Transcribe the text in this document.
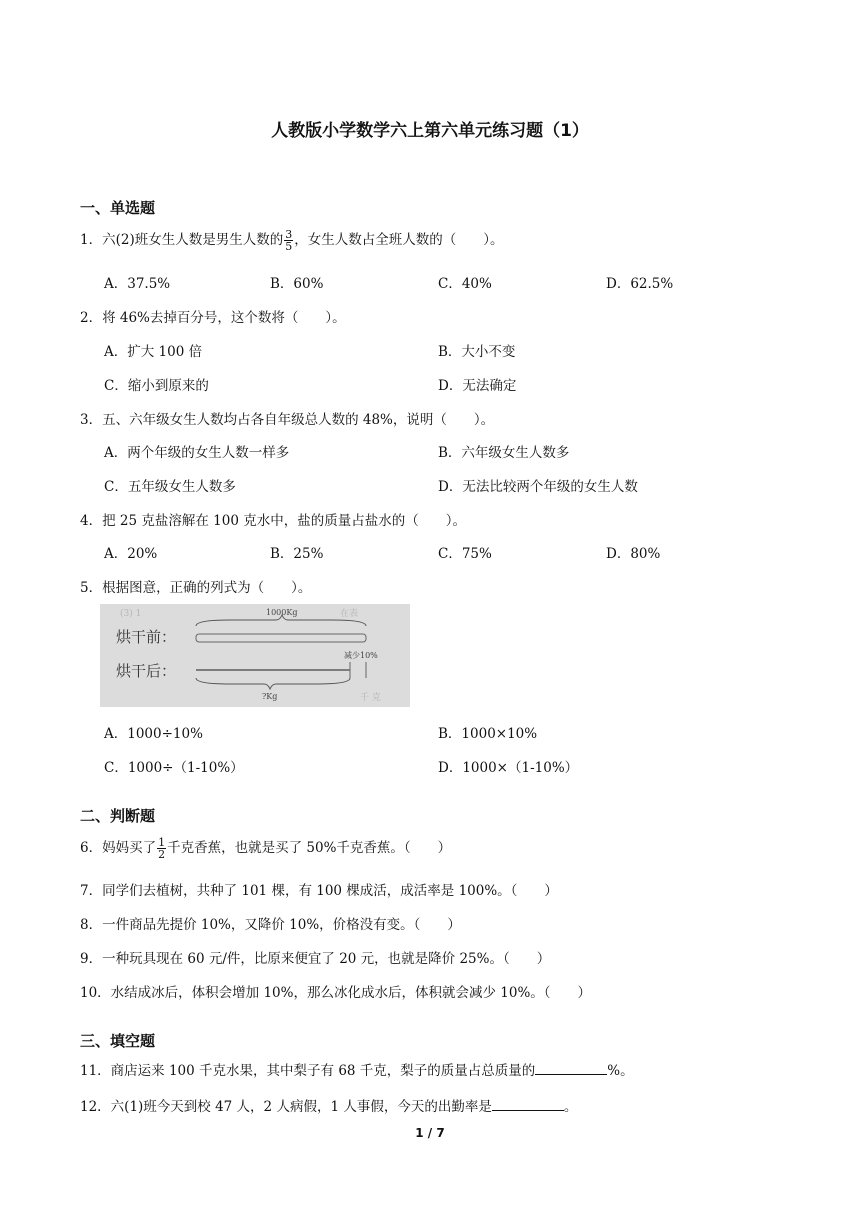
人教版小学数学六上第六单元练习题（1）
一、单选题
1．六(2)班女生人数是男生人数的 $\frac{3}{5}$ ，女生人数占全班人数的（　　）。
A．37.5%	B．60%	C．40%	D．62.5%
2．将 46%去掉百分号，这个数将（　　）。
A．扩大 100 倍	B．大小不变
C．缩小到原来的	D．无法确定
3．五、六年级女生人数均占各自年级总人数的 48%，说明（　　）。
A．两个年级的女生人数一样多	B．六年级女生人数多
C．五年级女生人数多	D．无法比较两个年级的女生人数
4．把 25 克盐溶解在 100 克水中，盐的质量占盐水的（　　）。
A．20%	B．25%	C．75%	D．80%
5．根据图意，正确的列式为（　　）。
(3) 1	在表
千 克
烘干前：
烘干后：
1000Kg
减少10%
?Kg
A．1000÷10%	B．1000×10%
C．1000÷（1-10%）	D．1000×（1-10%）
二、判断题
6．妈妈买了 $\frac{1}{2}$ 千克香蕉，也就是买了 50%千克香蕉。（　　）
7．同学们去植树，共种了 101 棵，有 100 棵成活，成活率是 100%。（　　）
8．一件商品先提价 10%，又降价 10%，价格没有变。（　　）
9．一种玩具现在 60 元/件，比原来便宜了 20 元，也就是降价 25%。（　　）
10．水结成冰后，体积会增加 10%，那么冰化成水后，体积就会减少 10%。（　　）
三、填空题
11．商店运来 100 千克水果，其中梨子有 68 千克，梨子的质量占总质量的	%。
12．六(1)班今天到校 47 人，2 人病假，1 人事假，今天的出勤率是	。
1 / 7
